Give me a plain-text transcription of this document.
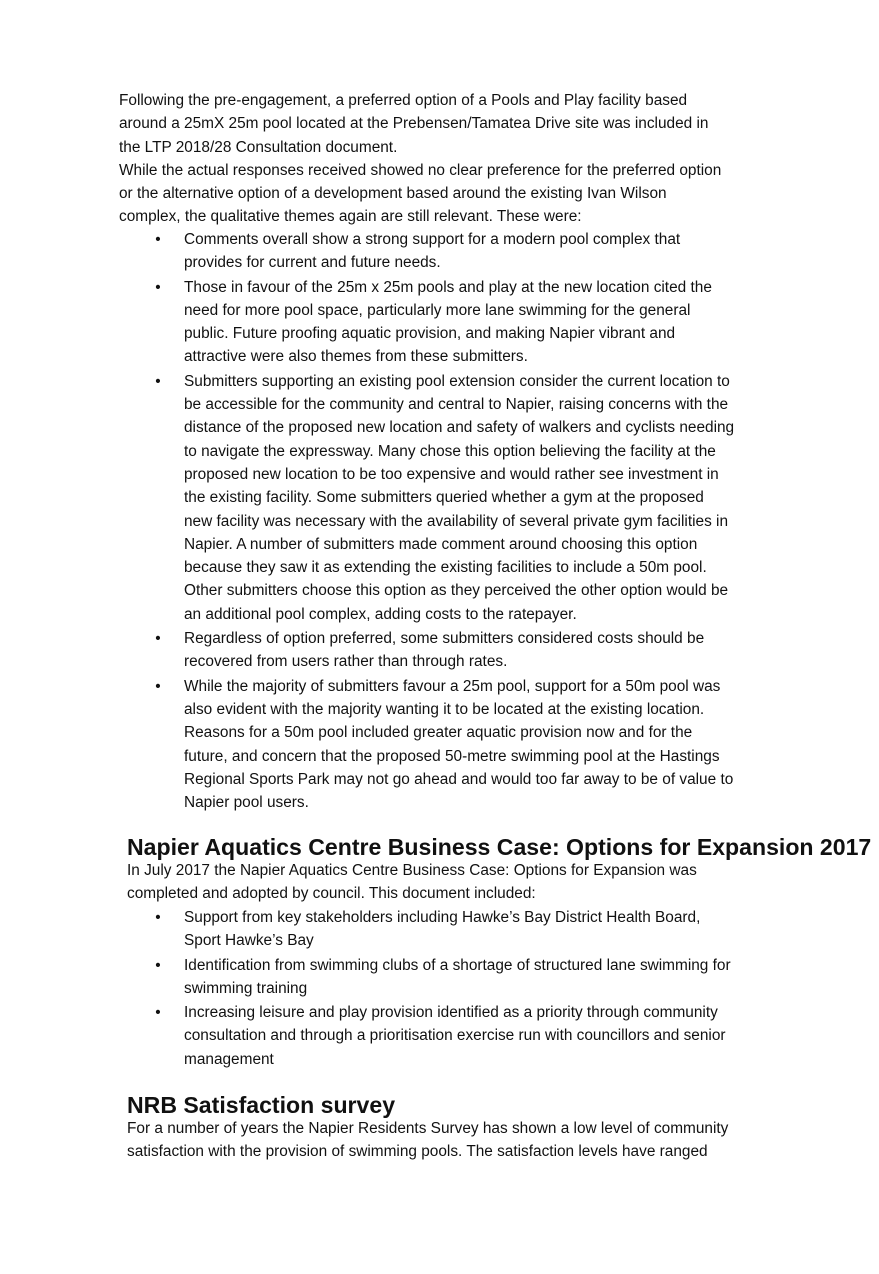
Following the pre-engagement, a preferred option of a Pools and Play facility based
around a 25mX 25m pool located at the Prebensen/Tamatea Drive site was included in
the LTP 2018/28 Consultation document.
While the actual responses received showed no clear preference for the preferred option
or the alternative option of a development based around the existing Ivan Wilson
complex, the qualitative themes again are still relevant. These were:

• Comments overall show a strong support for a modern pool complex that
provides for current and future needs.
• Those in favour of the 25m x 25m pools and play at the new location cited the
need for more pool space, particularly more lane swimming for the general
public. Future proofing aquatic provision, and making Napier vibrant and
attractive were also themes from these submitters.
• Submitters supporting an existing pool extension consider the current location to
be accessible for the community and central to Napier, raising concerns with the
distance of the proposed new location and safety of walkers and cyclists needing
to navigate the expressway. Many chose this option believing the facility at the
proposed new location to be too expensive and would rather see investment in
the existing facility. Some submitters queried whether a gym at the proposed
new facility was necessary with the availability of several private gym facilities in
Napier. A number of submitters made comment around choosing this option
because they saw it as extending the existing facilities to include a 50m pool.
Other submitters choose this option as they perceived the other option would be
an additional pool complex, adding costs to the ratepayer.
• Regardless of option preferred, some submitters considered costs should be
recovered from users rather than through rates.
• While the majority of submitters favour a 25m pool, support for a 50m pool was
also evident with the majority wanting it to be located at the existing location.
Reasons for a 50m pool included greater aquatic provision now and for the
future, and concern that the proposed 50-metre swimming pool at the Hastings
Regional Sports Park may not go ahead and would too far away to be of value to
Napier pool users.
Napier Aquatics Centre Business Case: Options for Expansion 2017

In July 2017 the Napier Aquatics Centre Business Case: Options for Expansion was
completed and adopted by council. This document included:

• Support from key stakeholders including Hawke’s Bay District Health Board,
Sport Hawke’s Bay
• Identification from swimming clubs of a shortage of structured lane swimming for
swimming training
• Increasing leisure and play provision identified as a priority through community
consultation and through a prioritisation exercise run with councillors and senior
management
NRB Satisfaction survey

For a number of years the Napier Residents Survey has shown a low level of community
satisfaction with the provision of swimming pools. The satisfaction levels have ranged
